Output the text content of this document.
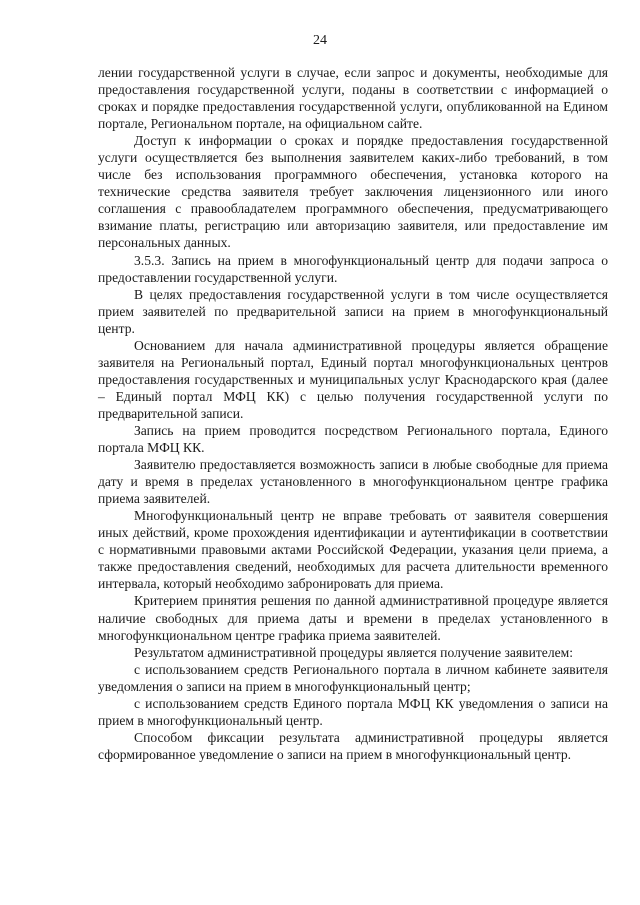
24

лении государственной услуги в случае, если запрос и документы, необходимые для предоставления государственной услуги, поданы в соответствии с информацией о сроках и порядке предоставления государственной услуги, опубликованной на Едином портале, Региональном портале, на официальном сайте.

Доступ к информации о сроках и порядке предоставления государственной услуги осуществляется без выполнения заявителем каких-либо требований, в том числе без использования программного обеспечения, установка которого на технические средства заявителя требует заключения лицензионного или иного соглашения с правообладателем программного обеспечения, предусматривающего взимание платы, регистрацию или авторизацию заявителя, или предоставление им персональных данных.

3.5.3. Запись на прием в многофункциональный центр для подачи запроса о предоставлении государственной услуги.

В целях предоставления государственной услуги в том числе осуществляется прием заявителей по предварительной записи на прием в многофункциональный центр.

Основанием для начала административной процедуры является обращение заявителя на Региональный портал, Единый портал многофункциональных центров предоставления государственных и муниципальных услуг Краснодарского края (далее – Единый портал МФЦ КК) с целью получения государственной услуги по предварительной записи.

Запись на прием проводится посредством Регионального портала, Единого портала МФЦ КК.

Заявителю предоставляется возможность записи в любые свободные для приема дату и время в пределах установленного в многофункциональном центре графика приема заявителей.

Многофункциональный центр не вправе требовать от заявителя совершения иных действий, кроме прохождения идентификации и аутентификации в соответствии с нормативными правовыми актами Российской Федерации, указания цели приема, а также предоставления сведений, необходимых для расчета длительности временного интервала, который необходимо забронировать для приема.

Критерием принятия решения по данной административной процедуре является наличие свободных для приема даты и времени в пределах установленного в многофункциональном центре графика приема заявителей.

Результатом административной процедуры является получение заявителем:

с использованием средств Регионального портала в личном кабинете заявителя уведомления о записи на прием в многофункциональный центр;

с использованием средств Единого портала МФЦ КК уведомления о записи на прием в многофункциональный центр.

Способом фиксации результата административной процедуры является сформированное уведомление о записи на прием в многофункциональный центр.
